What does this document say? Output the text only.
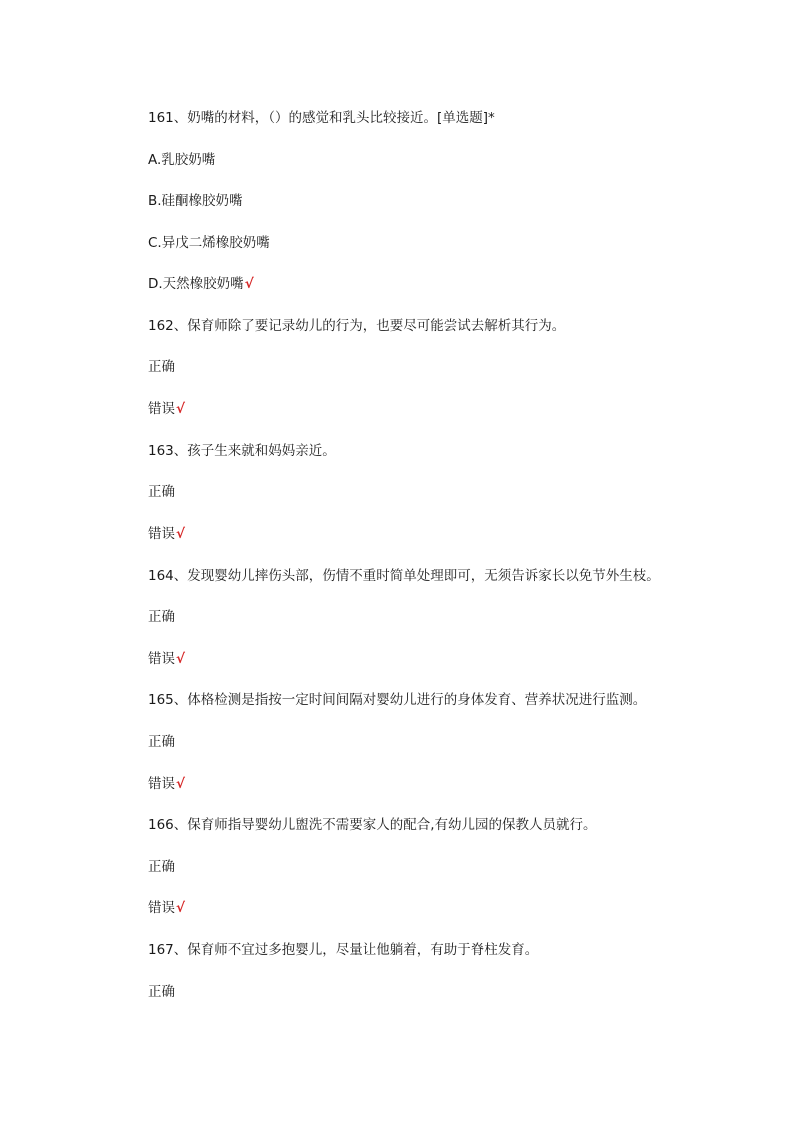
161、奶嘴的材料，（）的感觉和乳头比较接近。[单选题]*
A.乳胶奶嘴
B.硅酮橡胶奶嘴
C.异戊二烯橡胶奶嘴
D.天然橡胶奶嘴√
162、保育师除了要记录幼儿的行为，也要尽可能尝试去解析其行为。
正确
错误√
163、孩子生来就和妈妈亲近。
正确
错误√
164、发现婴幼儿摔伤头部，伤情不重时简单处理即可，无须告诉家长以免节外生枝。
正确
错误√
165、体格检测是指按一定时间间隔对婴幼儿进行的身体发育、营养状况进行监测。
正确
错误√
166、保育师指导婴幼儿盥洗不需要家人的配合,有幼儿园的保教人员就行。
正确
错误√
167、保育师不宜过多抱婴儿，尽量让他躺着，有助于脊柱发育。
正确
